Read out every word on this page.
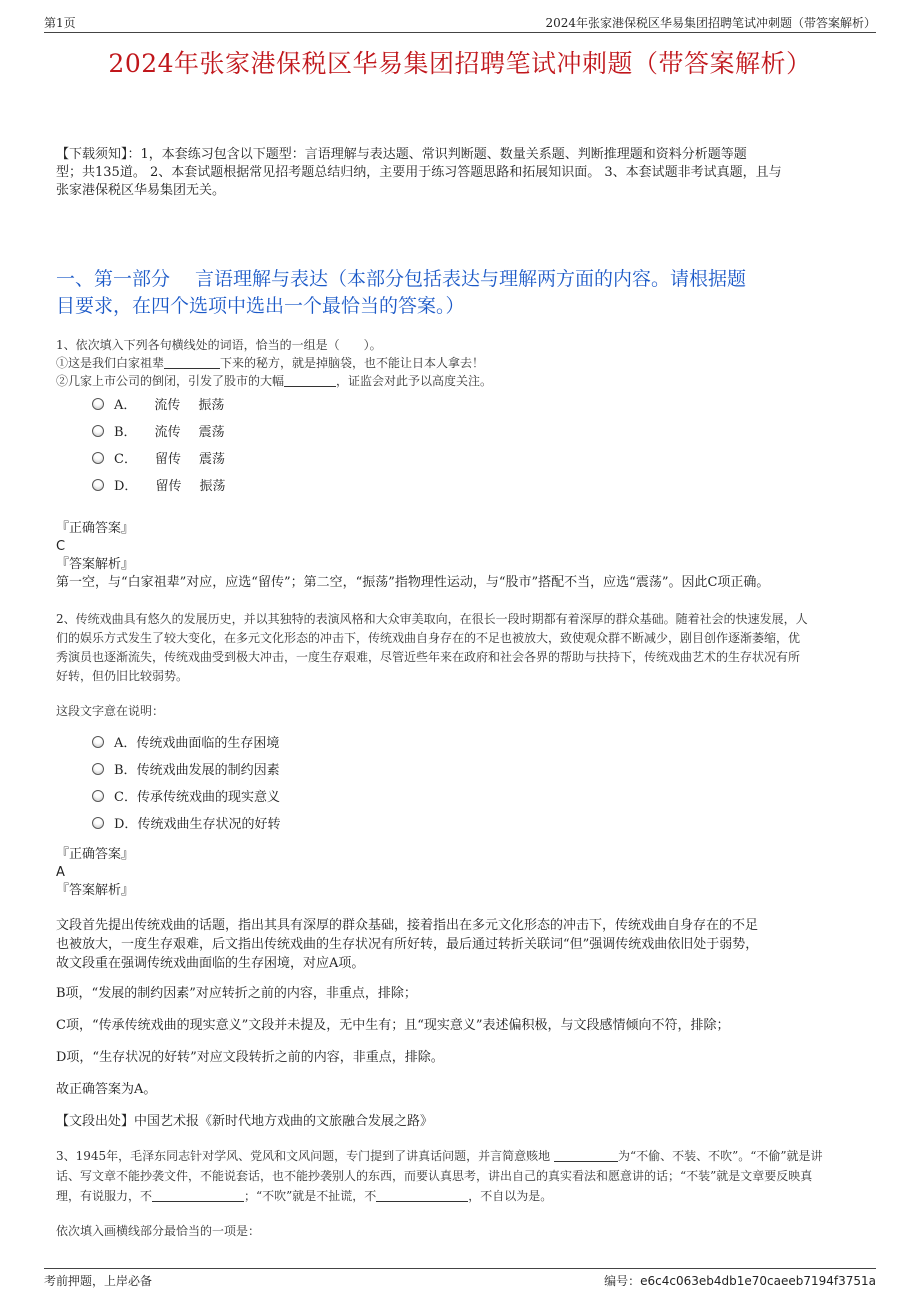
第1页	2024年张家港保税区华易集团招聘笔试冲刺题（带答案解析）
2024年张家港保税区华易集团招聘笔试冲刺题（带答案解析）
【下载须知】：1，本套练习包含以下题型：言语理解与表达题、常识判断题、数量关系题、判断推理题和资料分析题等题
型；共135道。 2、本套试题根据常见招考题总结归纳，主要用于练习答题思路和拓展知识面。 3、本套试题非考试真题，且与
张家港保税区华易集团无关。
一、第一部分　 言语理解与表达（本部分包括表达与理解两方面的内容。请根据题
目要求，在四个选项中选出一个最恰当的答案。）
1、依次填入下列各句横线处的词语，恰当的一组是（　　）。
①这是我们白家祖辈	下来的秘方，就是掉脑袋，也不能让日本人拿去！
②几家上市公司的倒闭，引发了股市的大幅	，证监会对此予以高度关注。
A． 流传 振荡
B． 流传 震荡
C． 留传 震荡
D． 留传 振荡
『正确答案』
C
『答案解析』
第一空，与“白家祖辈”对应，应选“留传”；第二空，“振荡”指物理性运动，与“股市”搭配不当，应选“震荡”。因此C项正确。
2、传统戏曲具有悠久的发展历史，并以其独特的表演风格和大众审美取向，在很长一段时期都有着深厚的群众基础。随着社会的快速发展，人
们的娱乐方式发生了较大变化，在多元文化形态的冲击下，传统戏曲自身存在的不足也被放大，致使观众群不断减少，剧目创作逐渐萎缩，优
秀演员也逐渐流失，传统戏曲受到极大冲击，一度生存艰难，尽管近些年来在政府和社会各界的帮助与扶持下，传统戏曲艺术的生存状况有所
好转，但仍旧比较弱势。
这段文字意在说明：
A．传统戏曲面临的生存困境
B．传统戏曲发展的制约因素
C．传承传统戏曲的现实意义
D．传统戏曲生存状况的好转
『正确答案』
A
『答案解析』
文段首先提出传统戏曲的话题，指出其具有深厚的群众基础，接着指出在多元文化形态的冲击下，传统戏曲自身存在的不足
也被放大，一度生存艰难，后文指出传统戏曲的生存状况有所好转，最后通过转折关联词“但”强调传统戏曲依旧处于弱势，
故文段重在强调传统戏曲面临的生存困境，对应A项。
B项，“发展的制约因素”对应转折之前的内容，非重点，排除；
C项，“传承传统戏曲的现实意义”文段并未提及，无中生有；且“现实意义”表述偏积极，与文段感情倾向不符，排除；
D项，“生存状况的好转”对应文段转折之前的内容，非重点，排除。
故正确答案为A。
【文段出处】中国艺术报《新时代地方戏曲的文旅融合发展之路》
3、1945年，毛泽东同志针对学风、党风和文风问题，专门提到了讲真话问题，并言简意赅地	为“不偷、不装、不吹”。“不偷”就是讲
话、写文章不能抄袭文件，不能说套话，也不能抄袭别人的东西，而要认真思考，讲出自己的真实看法和愿意讲的话；“不装”就是文章要反映真
理，有说服力，不	；“不吹”就是不扯谎，不	，不自以为是。
依次填入画横线部分最恰当的一项是：
考前押题，上岸必备	编号：e6c4c063eb4db1e70caeeb7194f3751a
